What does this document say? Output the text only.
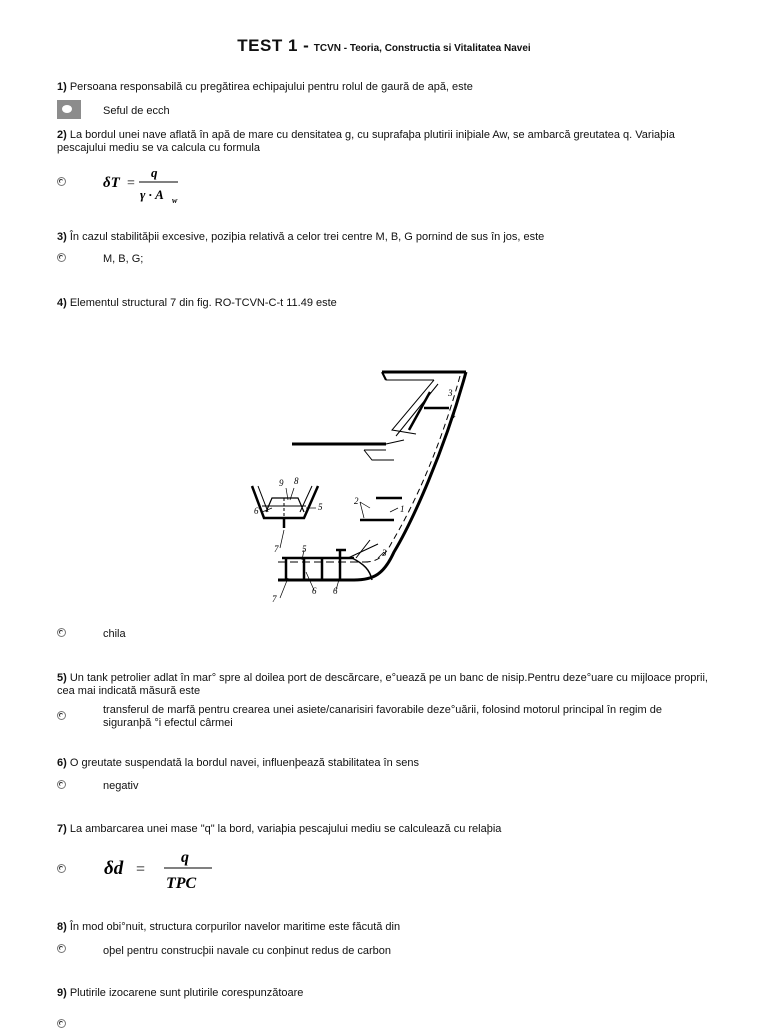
TEST 1 - TCVN - Teoria, Constructia si Vitalitatea Navei
1) Persoana responsabilă cu pregătirea echipajului pentru rolul de gaură de apă, este
Seful de ecch
2) La bordul unei nave aflată în apă de mare cu densitatea g, cu suprafaþa plutirii iniþiale Aw, se ambarcă greutatea q. Variaþia pescajului mediu se va calcula cu formula
δT =
q
γ · A w
3) În cazul stabilităþii excesive, poziþia relativă a celor trei centre M, B, G pornind de sus în jos, este
M, B, G;
4) Elementul structural 7 din fig. RO-TCVN-C-t 11.49 este
3
4
9 8
5
6
2
1
7	5	3
7
6 6
chila
5) Un tank petrolier adlat în mar° spre al doilea port de descărcare, e°uează pe un banc de nisip.Pentru deze°uare cu mijloace proprii, cea mai indicată măsură este
transferul de marfă pentru crearea unei asiete/canarisiri favorabile deze°uării, folosind motorul principal în regim de siguranþă °i efectul cârmei
6) O greutate suspendată la bordul navei, influenþează stabilitatea în sens
negativ
7) La ambarcarea unei mase "q" la bord, variaþia pescajului mediu se calculează cu relaþia
δd =
q
TPC
8) În mod obi°nuit, structura corpurilor navelor maritime este făcută din
oþel pentru construcþii navale cu conþinut redus de carbon
9) Plutirile izocarene sunt plutirile corespunzătoare
